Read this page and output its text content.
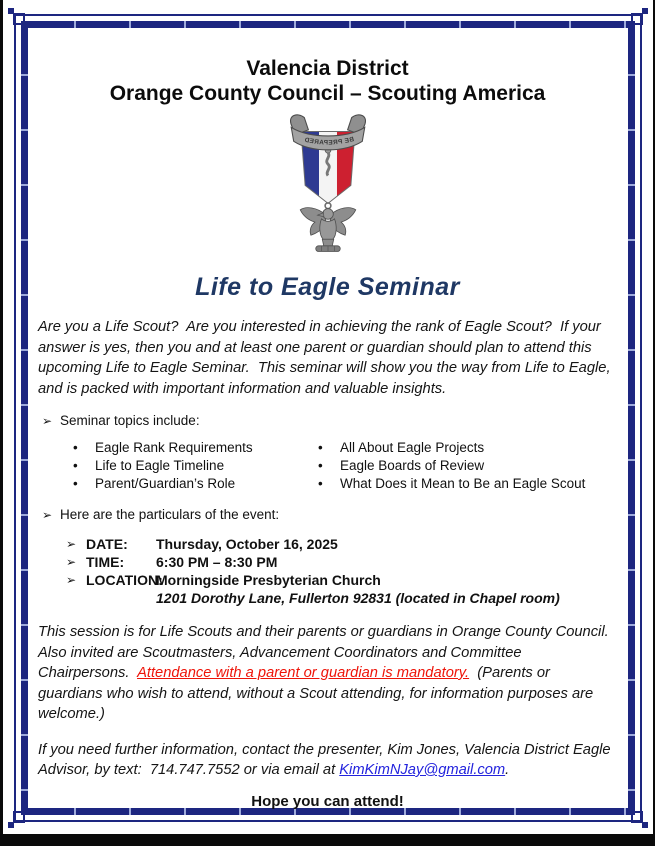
Valencia District
Orange County Council – Scouting America
BE PREPARED
Life to Eagle Seminar
Are you a Life Scout?  Are you interested in achieving the rank of Eagle Scout?  If your answer is yes, then you and at least one parent or guardian should plan to attend this upcoming Life to Eagle Seminar.  This seminar will show you the way from Life to Eagle, and is packed with important information and valuable insights.
➢ Seminar topics include:
•	Eagle Rank Requirements
•	Life to Eagle Timeline
•	Parent/Guardian’s Role
•	All About Eagle Projects
•	Eagle Boards of Review
•	What Does it Mean to Be an Eagle Scout
➢ Here are the particulars of the event:
➢ DATE:	Thursday, October 16, 2025
➢ TIME:	6:30 PM – 8:30 PM
➢ LOCATION:
Morningside Presbyterian Church
1201 Dorothy Lane, Fullerton 92831 (located in Chapel room)
This session is for Life Scouts and their parents or guardians in Orange County Council.  Also invited are Scoutmasters, Advancement Coordinators and Committee Chairpersons.  Attendance with a parent or guardian is mandatory.  (Parents or guardians who wish to attend, without a Scout attending, for information purposes are welcome.)
If you need further information, contact the presenter, Kim Jones, Valencia District Eagle Advisor, by text:  714.747.7552 or via email at KimKimNJay@gmail.com.
Hope you can attend!
